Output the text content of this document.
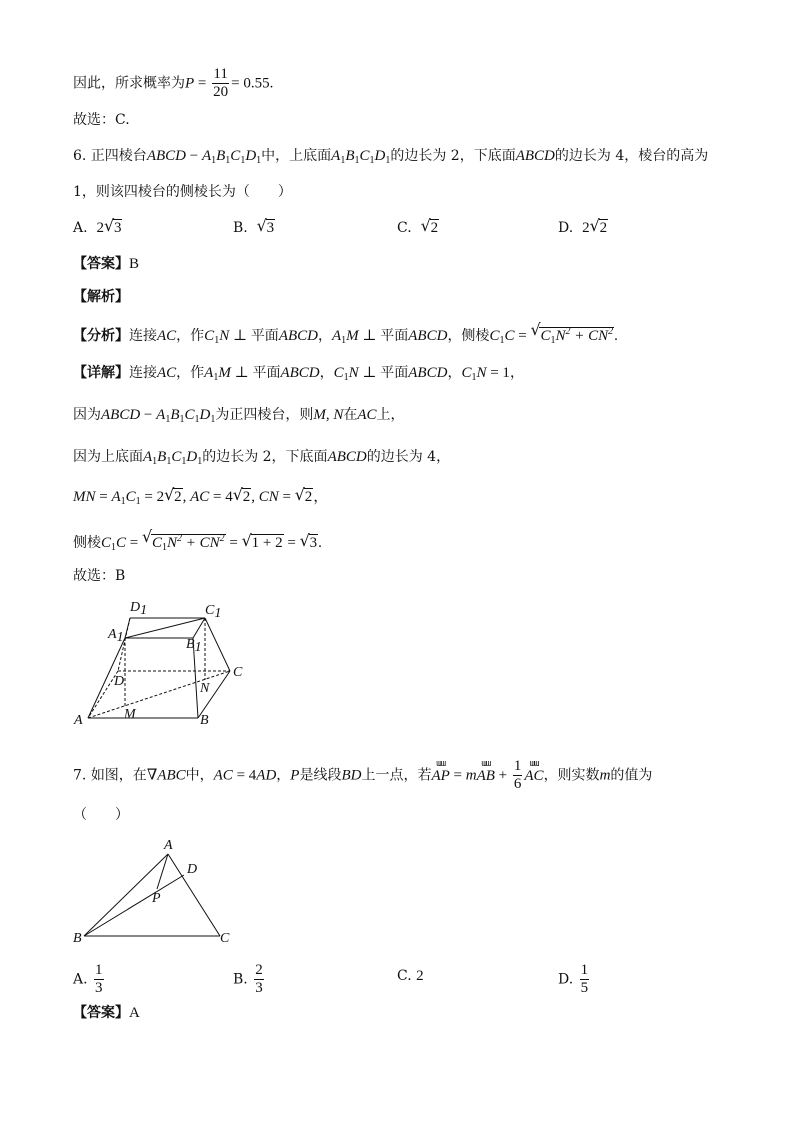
因此，所求概率为$P = \frac{11}{20} = 0.55$.
故选：C.
6. 正四棱台ABCD − $A_1B_1C_1D_1$中，上底面$A_1B_1C_1D_1$的边长为 2，下底面ABCD的边长为 4，棱台的高为
1，则该四棱台的侧棱长为（　　）
A. 2√ 3	B.  √ 3	C.  √ 2	D. 2√ 2
【答案】B
【解析】
【分析】连接AC，作$C_1N$ ⊥ 平面ABCD，$A_1M$ ⊥ 平面ABCD，侧棱$C_1C$ = √ $C_1N^2 + CN^2$.
【详解】连接AC，作$A_1M$ ⊥ 平面ABCD，$C_1N$ ⊥ 平面ABCD，$C_1N = 1$，
因为ABCD − $A_1B_1C_1D_1$为正四棱台，则M, N在AC上，
因为上底面$A_1B_1C_1D_1$的边长为 2，下底面ABCD的边长为 4，
MN = $A_1C_1 = 2√$ 2, AC = 4√ 2, CN = √ 2，
侧棱$C_1C$ = √ $C_1N^2 + CN^2$ = √ 1 + 2 = √ 3.
故选：B
D1	C1
A1	B1
C
D	N
A	M	B
7. 如图，在∇ABC中，AC = 4AD，P是线段BD上一点，若ɯɯ AP = mɯɯ AB + $\frac{1}{6}$
ɯɯ AC，则实数m的值为
（　　）
A
D
P
B	C
A. $\frac{1}{3}$	B. $\frac{2}{3}$	C. 2	D. $\frac{1}{5}$
【答案】A
